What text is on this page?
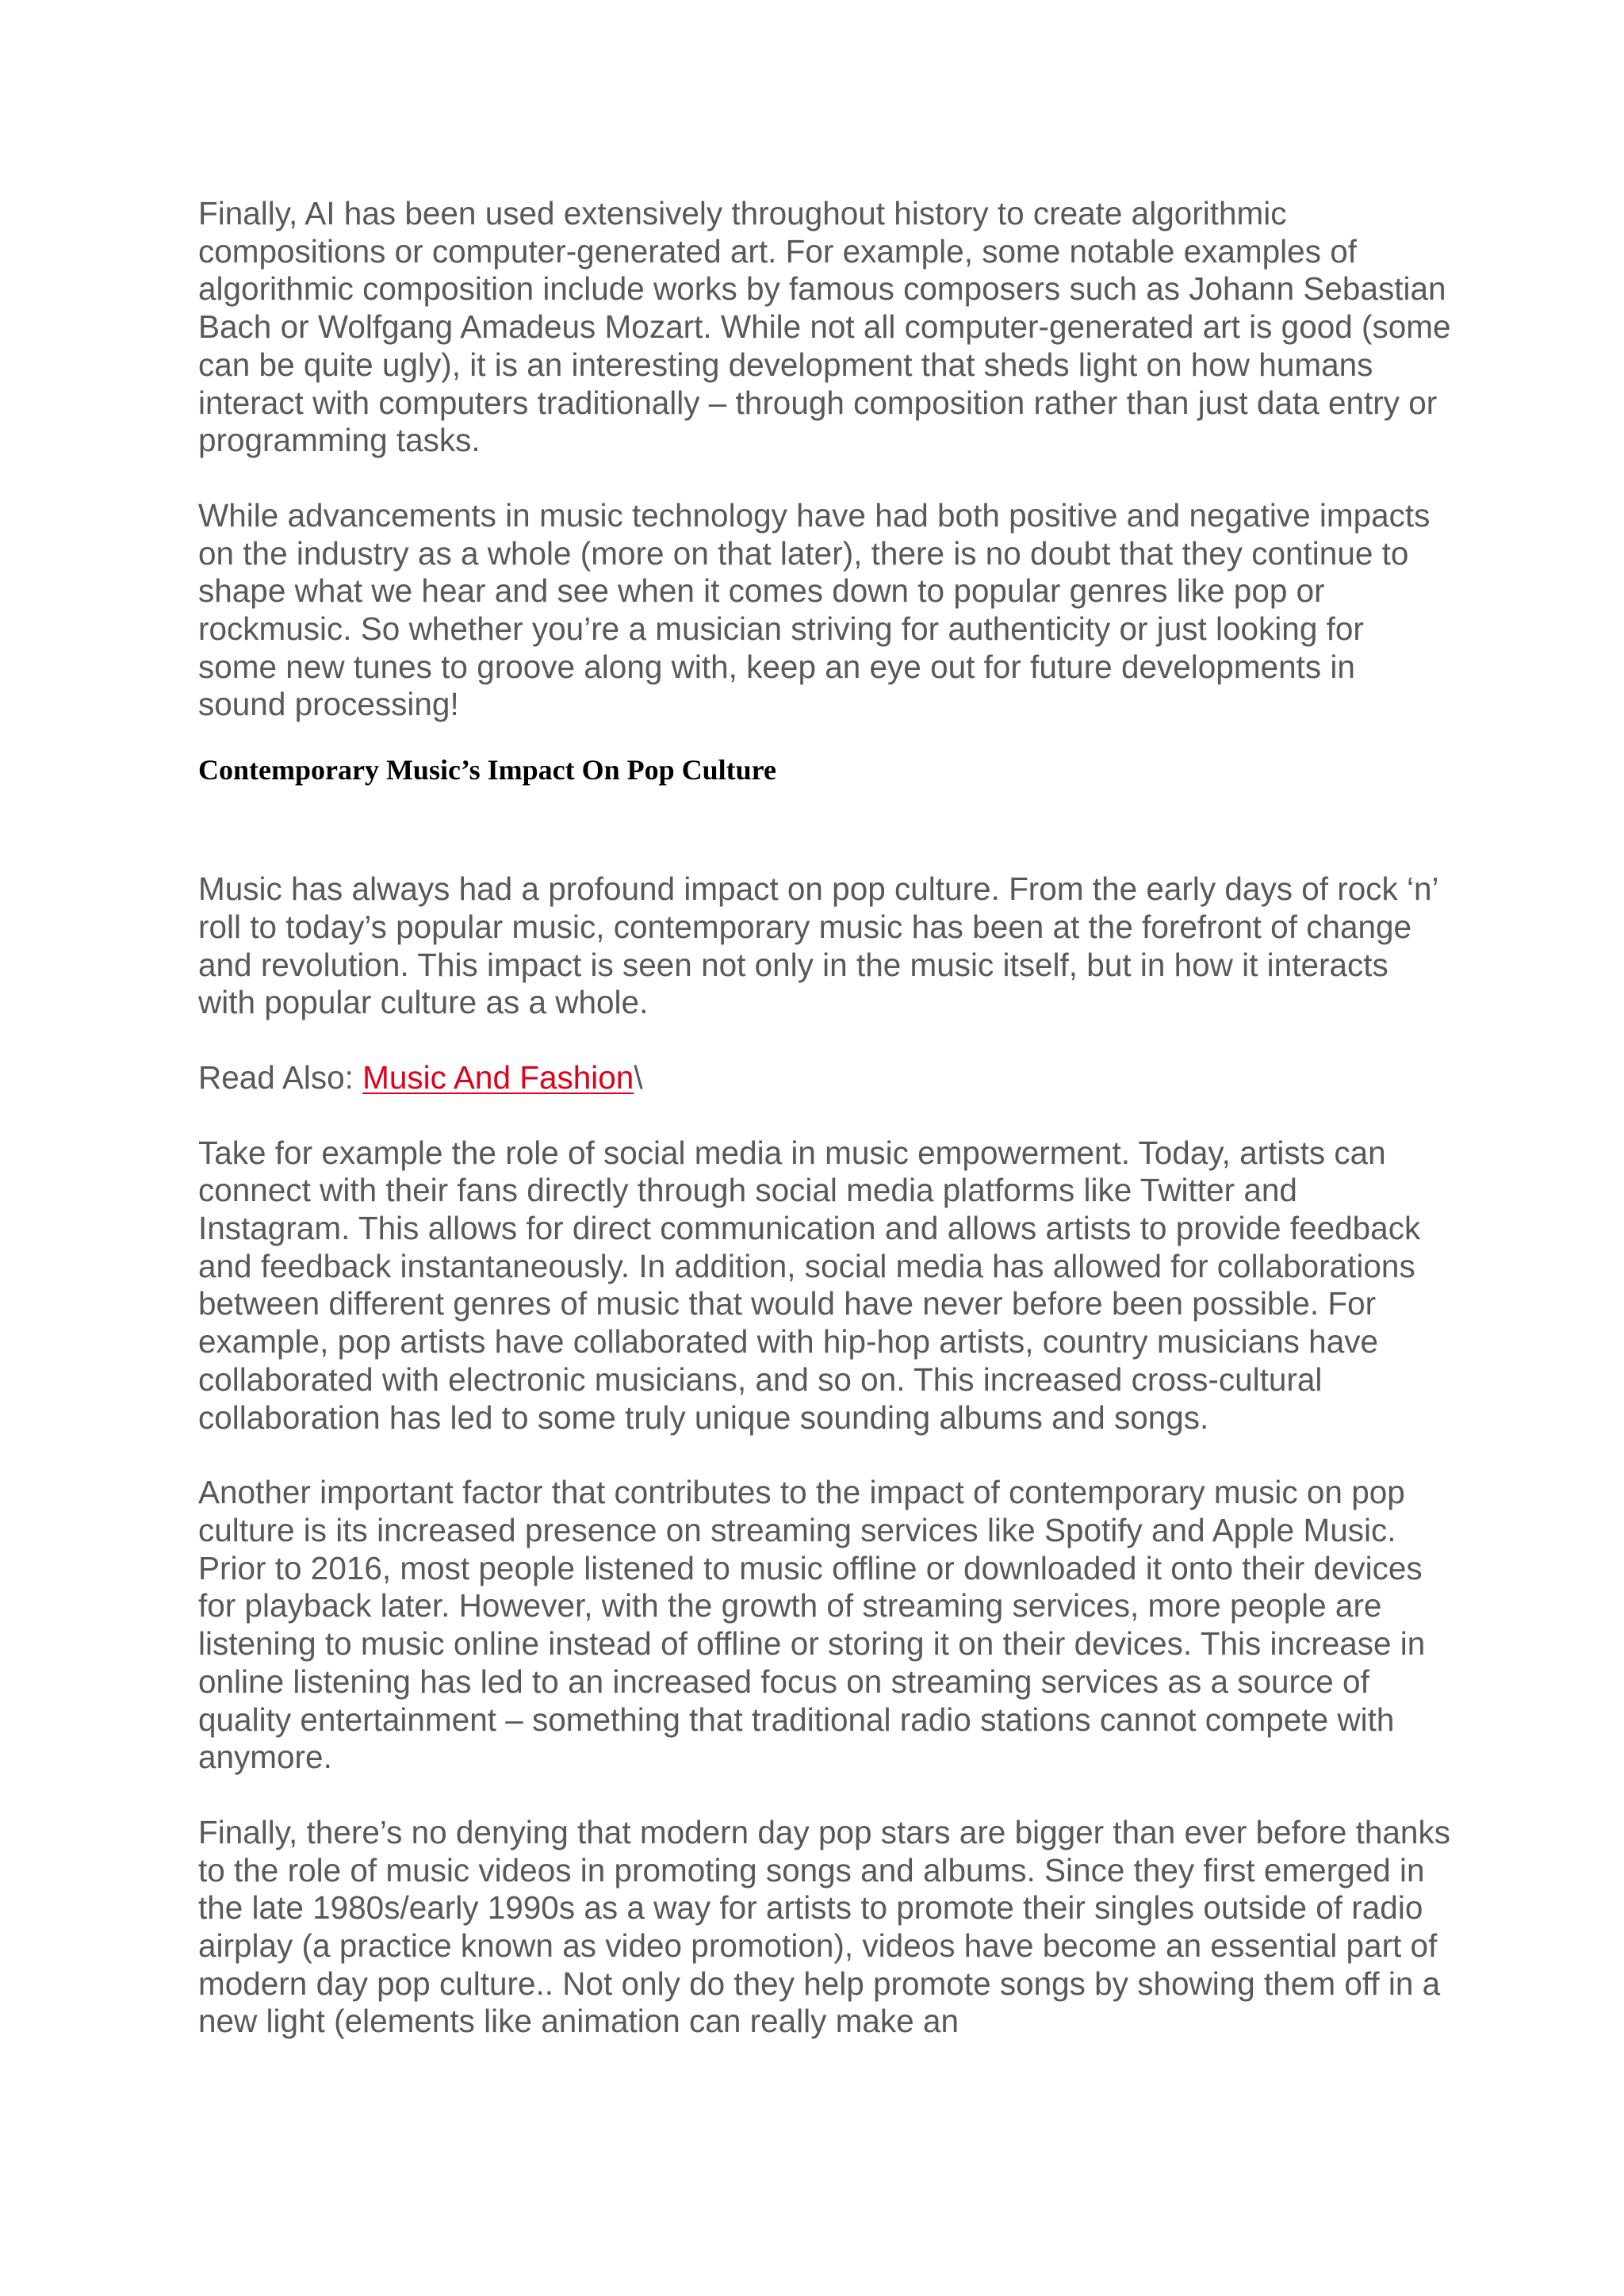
Finally, AI has been used extensively throughout history to create algorithmic compositions or computer-generated art. For example, some notable examples of algorithmic composition include works by famous composers such as Johann Sebastian Bach or Wolfgang Amadeus Mozart. While not all computer-generated art is good (some can be quite ugly), it is an interesting development that sheds light on how humans interact with computers traditionally – through composition rather than just data entry or programming tasks.

While advancements in music technology have had both positive and negative impacts on the industry as a whole (more on that later), there is no doubt that they continue to shape what we hear and see when it comes down to popular genres like pop or rockmusic. So whether you’re a musician striving for authenticity or just looking for some new tunes to groove along with, keep an eye out for future developments in sound processing!

Contemporary Music’s Impact On Pop Culture

Music has always had a profound impact on pop culture. From the early days of rock ‘n’ roll to today’s popular music, contemporary music has been at the forefront of change and revolution. This impact is seen not only in the music itself, but in how it interacts with popular culture as a whole.

Read Also: Music And Fashion\

Take for example the role of social media in music empowerment. Today, artists can connect with their fans directly through social media platforms like Twitter and Instagram. This allows for direct communication and allows artists to provide feedback and feedback instantaneously. In addition, social media has allowed for collaborations between different genres of music that would have never before been possible. For example, pop artists have collaborated with hip-hop artists, country musicians have collaborated with electronic musicians, and so on. This increased cross-cultural collaboration has led to some truly unique sounding albums and songs.

Another important factor that contributes to the impact of contemporary music on pop culture is its increased presence on streaming services like Spotify and Apple Music. Prior to 2016, most people listened to music offline or downloaded it onto their devices for playback later. However, with the growth of streaming services, more people are listening to music online instead of offline or storing it on their devices. This increase in online listening has led to an increased focus on streaming services as a source of quality entertainment – something that traditional radio stations cannot compete with anymore.

Finally, there’s no denying that modern day pop stars are bigger than ever before thanks to the role of music videos in promoting songs and albums. Since they first emerged in the late 1980s/early 1990s as a way for artists to promote their singles outside of radio airplay (a practice known as video promotion), videos have become an essential part of modern day pop culture.. Not only do they help promote songs by showing them off in a new light (elements like animation can really make an
